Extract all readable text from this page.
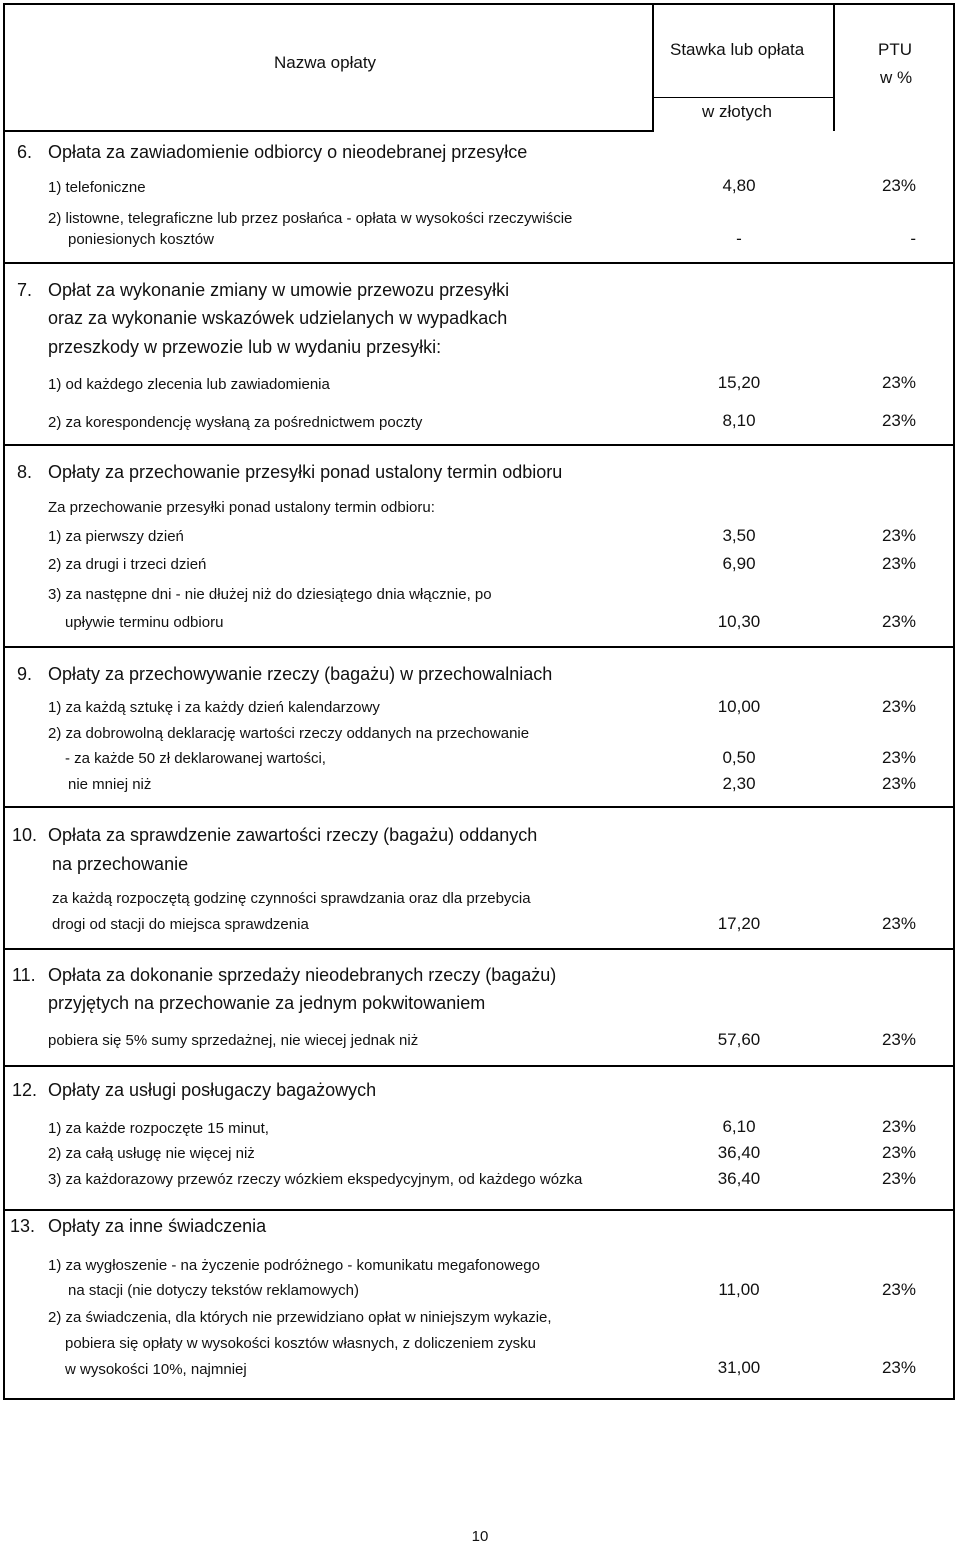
Nazwa opłaty
Stawka lub opłata
w złotych
PTU
w %
6. Opłata za zawiadomienie odbiorcy o nieodebranej przesyłce
1) telefoniczne	4,80	23%
2) listowne, telegraficzne lub przez posłańca - opłata w wysokości rzeczywiście
poniesionych kosztów	-	-
7. Opłat za wykonanie zmiany w umowie przewozu przesyłki
oraz za wykonanie wskazówek udzielanych w wypadkach
przeszkody w przewozie lub w wydaniu przesyłki:
1) od każdego zlecenia lub zawiadomienia	15,20	23%
2) za korespondencję wysłaną za pośrednictwem poczty	8,10	23%
8. Opłaty za przechowanie przesyłki ponad ustalony termin odbioru
Za przechowanie przesyłki ponad ustalony termin odbioru:
1) za pierwszy dzień	3,50	23%
2) za drugi i trzeci dzień	6,90	23%
3) za następne dni - nie dłużej niż do dziesiątego dnia włącznie, po
upływie terminu odbioru	10,30	23%
9. Opłaty za przechowywanie rzeczy (bagażu) w przechowalniach
1) za każdą sztukę i za każdy dzień kalendarzowy	10,00	23%
2) za dobrowolną deklarację wartości rzeczy oddanych na przechowanie
- za każde 50 zł deklarowanej wartości,	0,50	23%
nie mniej niż	2,30	23%
10. Opłata za sprawdzenie zawartości rzeczy (bagażu) oddanych
na przechowanie
za każdą rozpoczętą godzinę czynności sprawdzania oraz dla przebycia
drogi od stacji do miejsca sprawdzenia	17,20	23%
11. Opłata za dokonanie sprzedaży nieodebranych rzeczy (bagażu)
przyjętych na przechowanie za jednym pokwitowaniem
pobiera się 5% sumy sprzedażnej, nie wiecej jednak niż	57,60	23%
12. Opłaty za usługi posługaczy bagażowych
1) za każde rozpoczęte 15 minut,	6,10	23%
2) za całą usługę nie więcej niż	36,40	23%
3) za każdorazowy przewóz rzeczy wózkiem ekspedycyjnym, od każdego wózka	36,40	23%
13. Opłaty za inne świadczenia
1) za wygłoszenie - na życzenie podróżnego - komunikatu megafonowego
na stacji (nie dotyczy tekstów reklamowych)	11,00	23%
2) za świadczenia, dla których nie przewidziano opłat w niniejszym wykazie,
pobiera się opłaty w wysokości kosztów własnych, z doliczeniem zysku
w wysokości 10%, najmniej	31,00	23%
10
